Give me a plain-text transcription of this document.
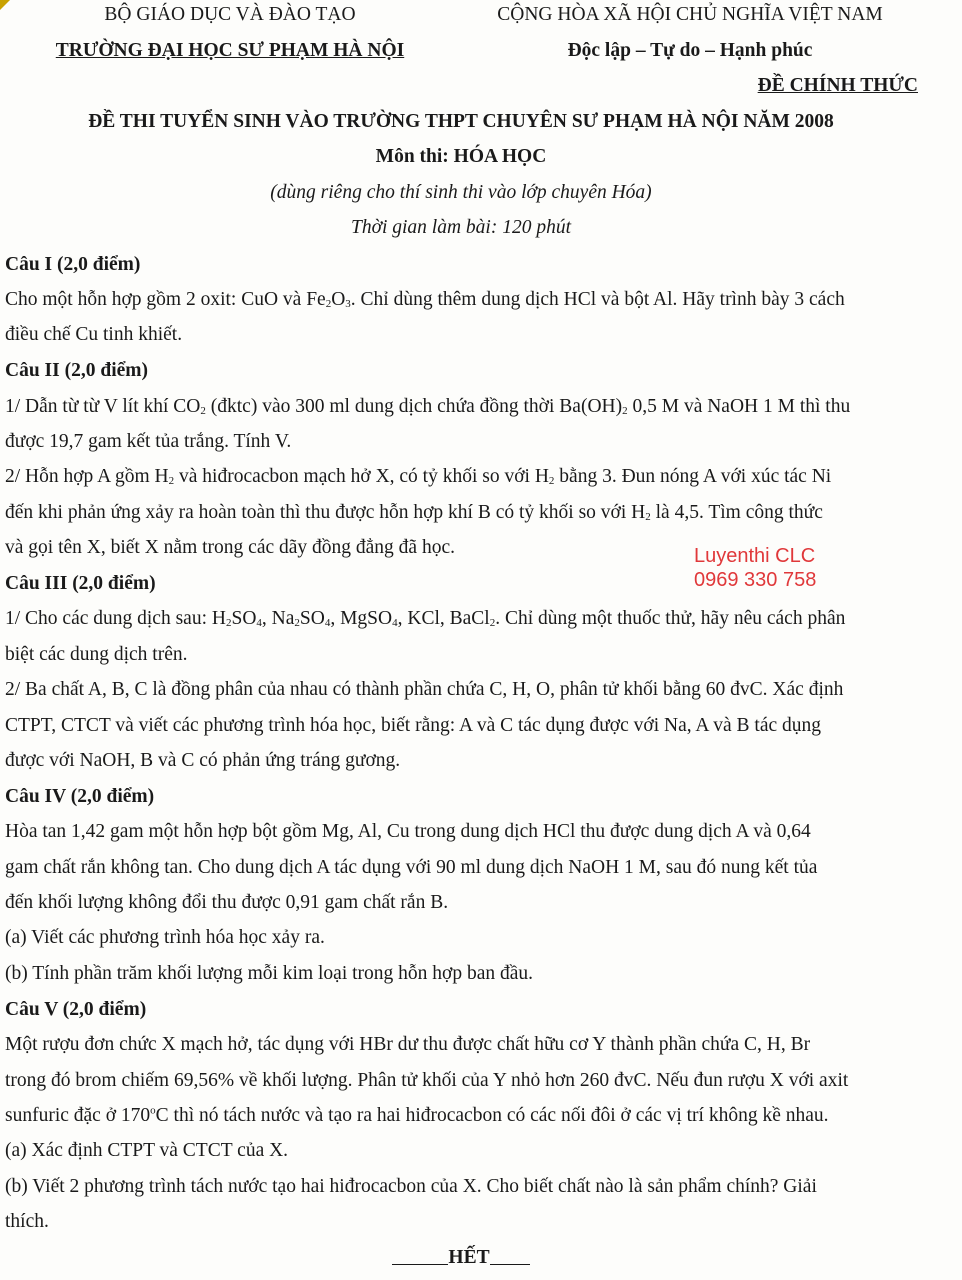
BỘ GIÁO DỤC VÀ ĐÀO TẠO	CỘNG HÒA XÃ HỘI CHỦ NGHĨA VIỆT NAM
TRƯỜNG ĐẠI HỌC SƯ PHẠM HÀ NỘI	Độc lập – Tự do – Hạnh phúc
ĐỀ CHÍNH THỨC
ĐỀ THI TUYỂN SINH VÀO TRƯỜNG THPT CHUYÊN SƯ PHẠM HÀ NỘI NĂM 2008
Môn thi: HÓA HỌC
(dùng riêng cho thí sinh thi vào lớp chuyên Hóa)
Thời gian làm bài: 120 phút
Câu I (2,0 điểm)
Cho một hỗn hợp gồm 2 oxit: CuO và $Fe_2O_3$. Chỉ dùng thêm dung dịch HCl và bột Al. Hãy trình bày 3 cách
điều chế Cu tinh khiết.
Câu II (2,0 điểm)
1/ Dẫn từ từ V lít khí $CO_2$ (đktc) vào 300 ml dung dịch chứa đồng thời $Ba(OH)_2$ 0,5 M và NaOH 1 M thì thu
được 19,7 gam kết tủa trắng. Tính V.
2/ Hỗn hợp A gồm $H_2$ và hiđrocacbon mạch hở X, có tỷ khối so với $H_2$ bằng 3. Đun nóng A với xúc tác Ni
đến khi phản ứng xảy ra hoàn toàn thì thu được hỗn hợp khí B có tỷ khối so với $H_2$ là 4,5. Tìm công thức
và gọi tên X, biết X nằm trong các dãy đồng đẳng đã học.	Luyenthi CLC
0969 330 758
Câu III (2,0 điểm)
1/ Cho các dung dịch sau: $H_2SO_4$, $Na_2SO_4$, MgSO$_4$, KCl, BaCl$_2$. Chỉ dùng một thuốc thử, hãy nêu cách phân
biệt các dung dịch trên.
2/ Ba chất A, B, C là đồng phân của nhau có thành phần chứa C, H, O, phân tử khối bằng 60 đvC. Xác định
CTPT, CTCT và viết các phương trình hóa học, biết rằng: A và C tác dụng được với Na, A và B tác dụng
được với NaOH, B và C có phản ứng tráng gương.
Câu IV (2,0 điểm)
Hòa tan 1,42 gam một hỗn hợp bột gồm Mg, Al, Cu trong dung dịch HCl thu được dung dịch A và 0,64
gam chất rắn không tan. Cho dung dịch A tác dụng với 90 ml dung dịch NaOH 1 M, sau đó nung kết tủa
đến khối lượng không đổi thu được 0,91 gam chất rắn B.
(a) Viết các phương trình hóa học xảy ra.
(b) Tính phần trăm khối lượng mỗi kim loại trong hỗn hợp ban đầu.
Câu V (2,0 điểm)
Một rượu đơn chức X mạch hở, tác dụng với HBr dư thu được chất hữu cơ Y thành phần chứa C, H, Br
trong đó brom chiếm 69,56% về khối lượng. Phân tử khối của Y nhỏ hơn 260 đvC. Nếu đun rượu X với axit
sunfuric đặc ở 170$^o$C thì nó tách nước và tạo ra hai hiđrocacbon có các nối đôi ở các vị trí không kề nhau.
(a) Xác định CTPT và CTCT của X.
(b) Viết 2 phương trình tách nước tạo hai hiđrocacbon của X. Cho biết chất nào là sản phẩm chính? Giải
thích.
HẾT
